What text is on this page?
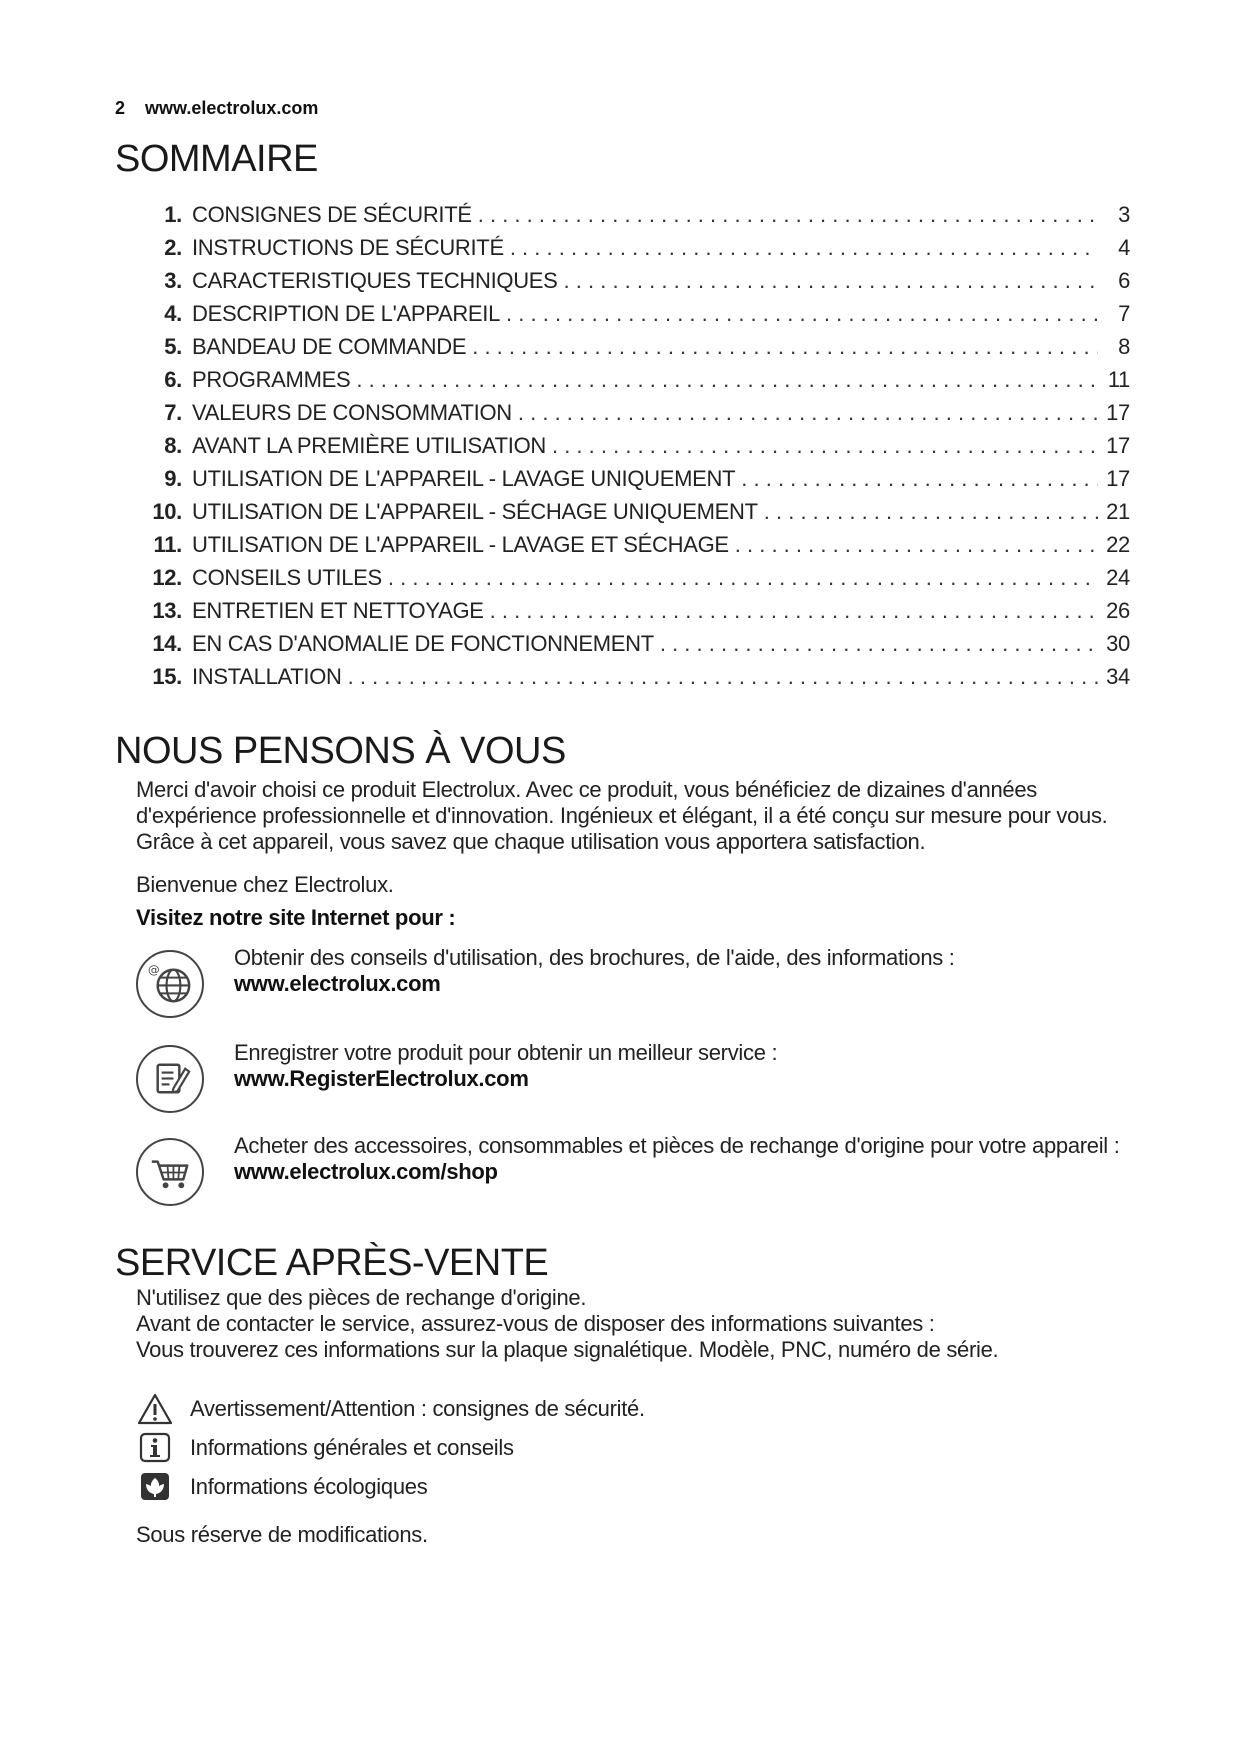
2 www.electrolux.com
SOMMAIRE
1. CONSIGNES DE SÉCURITÉ . . .	3
2. INSTRUCTIONS DE SÉCURITÉ . . .	4
3. CARACTERISTIQUES TECHNIQUES . . .	6
4. DESCRIPTION DE L'APPAREIL . . .	7
5. BANDEAU DE COMMANDE . . .	8
6. PROGRAMMES . . .	11
7. VALEURS DE CONSOMMATION . . .	17
8. AVANT LA PREMIÈRE UTILISATION . . .	17
9. UTILISATION DE L'APPAREIL - LAVAGE UNIQUEMENT . . .	17
10. UTILISATION DE L'APPAREIL - SÉCHAGE UNIQUEMENT . . .	21
11. UTILISATION DE L'APPAREIL - LAVAGE ET SÉCHAGE . . .	22
12. CONSEILS UTILES . . .	24
13. ENTRETIEN ET NETTOYAGE . . .	26
14. EN CAS D'ANOMALIE DE FONCTIONNEMENT . . .	30
15. INSTALLATION . . .	34
NOUS PENSONS À VOUS
Merci d'avoir choisi ce produit Electrolux. Avec ce produit, vous bénéficiez de dizaines d'années d'expérience professionnelle et d'innovation. Ingénieux et élégant, il a été conçu sur mesure pour vous. Grâce à cet appareil, vous savez que chaque utilisation vous apportera satisfaction.
Bienvenue chez Electrolux.
Visitez notre site Internet pour :
@	Obtenir des conseils d'utilisation, des brochures, de l'aide, des informations :
www.electrolux.com
Enregistrer votre produit pour obtenir un meilleur service :
www.RegisterElectrolux.com
Acheter des accessoires, consommables et pièces de rechange d'origine pour votre appareil :
www.electrolux.com/shop
SERVICE APRÈS-VENTE
N'utilisez que des pièces de rechange d'origine.
Avant de contacter le service, assurez-vous de disposer des informations suivantes :
Vous trouverez ces informations sur la plaque signalétique. Modèle, PNC, numéro de série.
Avertissement/Attention : consignes de sécurité.
Informations générales et conseils
Informations écologiques
Sous réserve de modifications.
